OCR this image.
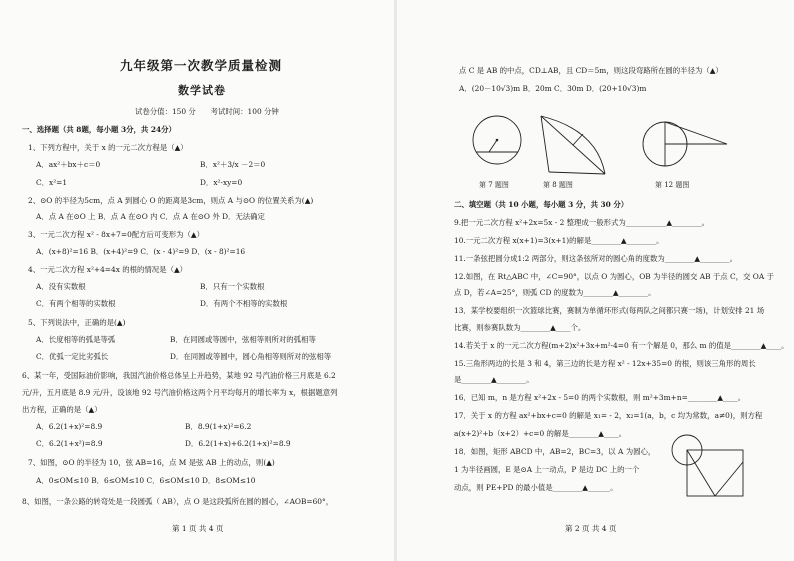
九年级第一次教学质量检测
数学试卷
试卷分值：150 分　　考试时间：100 分钟
一、选择题（共 8题，每小题 3分，共 24分）
1、下列方程中，关于 x 的一元二次方程是（▲）
A．ax²＋bx＋c＝0	B．x²＋3/x －2＝0
C．x²=1	D．x²-xy=0
2、⊙O 的半径为5cm，点 A 到圆心 O 的距离是3cm，则点 A 与⊙O 的位置关系为(▲)
A．点 A 在⊙O 上 B．点 A 在⊙O 内 C．点 A 在⊙O 外 D．无法确定
3、一元二次方程 x² - 8x+7=0配方后可变形为（▲）
A．(x+8)²=16 B．(x+4)²=9 C．(x - 4)²=9 D．(x - 8)²=16
4、一元二次方程 x²+4=4x 的根的情况是（▲）
A．没有实数根	B．只有一个实数根
C．有两个相等的实数根	D．有两个不相等的实数根
5、下列说法中，正确的是(▲)
A．长度相等的弧是等弧	B．在同圆或等圆中，弦相等则所对的弧相等
C．优弧一定比劣弧长	D．在同圆或等圆中，圆心角相等则所对的弦相等
6、某一年，受国际油价影响，我国汽油价格总体呈上升趋势，某地 92 号汽油价格三月底是 6.2
元/升，五月底是 8.9 元/升，设该地 92 号汽油价格这两个月平均每月的增长率为 x，根据题意列
出方程，正确的是（▲）
A．6.2(1+x)²=8.9	B．8.9(1+x)²=6.2
C．6.2(1+x²)=8.9	D．6.2(1+x)+6.2(1+x)²=8.9
7、如图，⊙O 的半径为 10，弦 AB=16，点 M 是弦 AB 上的动点，则(▲)
A．0≤OM≤10 B．6≤OM≤10 C．6≤OM≤10 D．8≤OM≤10
8、如图，一条公路的转弯处是一段圆弧（ AB），点 O 是这段弧所在圆的圆心，∠AOB=60°，
第 1 页 共 4 页
点 C 是 AB 的中点，CD⊥AB，且 CD＝5m，则这段弯路所在圆的半径为（▲）
A．(20－10√3)m B．20m C．30m D．(20+10√3)m
第 7 题图	第 8 题图	第 12 题图
二、填空题（共 10 小题，每小题 3 分，共 30 分）
9.把一元二次方程 x²+2x=5x - 2 整理成一般形式为___________▲________。
10.一元二次方程 x(x+1)=3(x+1)的解是________▲________。
11.一条弦把圆分成1:2 两部分，则这条弦所对的圆心角的度数为________▲________。
12.如图，在 Rt△ABC 中，∠C=90°，以点 O 为圆心，OB 为半径的圆交 AB 于点 C，交 OA 于
点 D，若∠A=25°，则弧 CD 的度数为________▲________。
13．某学校要组织一次篮球比赛，赛制为单循环形式(每两队之间都只赛一场)，计划安排 21 场
比赛，则参赛队数为________▲____个。
14.若关于 x 的一元二次方程(m+2)x²+3x+m²-4=0 有一个解是 0，那么 m 的值是________▲____。
15.三角形两边的长是 3 和 4，第三边的长是方程 x² - 12x+35=0 的根，则该三角形的周长
是________▲________。
16．已知 m，n 是方程 x²+2x - 5=0 的两个实数根，则 m²+3m+n=________▲____。
17．关于 x 的方程 ax²+bx+c=0 的解是 x₁= - 2，x₂=1(a，b，c 均为常数，a≠0)，则方程
a(x+2)²+b（x+2）+c=0 的解是________▲____。
18．如图，矩形 ABCD 中，AB=2，BC=3，以 A 为圆心，
1 为半径画圆，E 是⊙A 上一动点，P 是边 DC 上的一个
动点，则 PE+PD 的最小值是________▲______。
第 2 页 共 4 页
